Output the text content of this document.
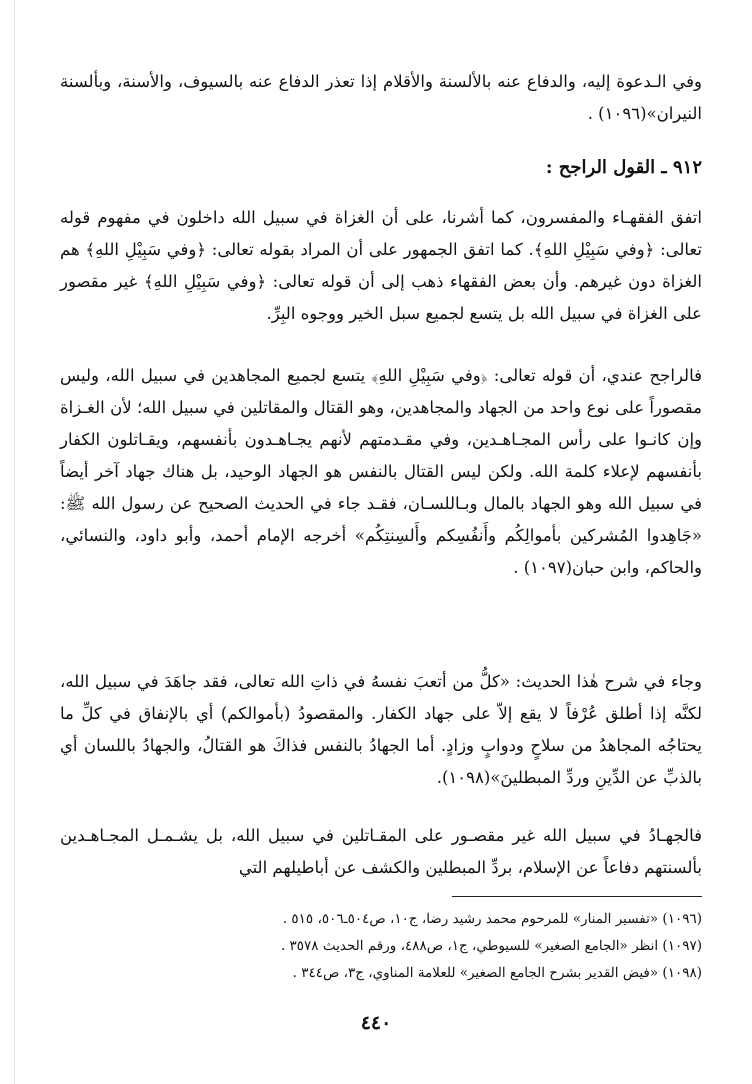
وفي الـدعوة إليه، والدفاع عنه بالألسنة والأقلام إذا تعذر الدفاع عنه بالسيوف، والأسنة، وبألسنة النيران»(١٠٩٦) .

٩١٢ ـ القول الراجح :

اتفق الفقهـاء والمفسرون، كما أشرنا، على أن الغزاة في سبيل الله داخلون في مفهوم قوله تعالى: ﴿وفي سَبِيْلِ اللهِ﴾. كما اتفق الجمهور على أن المراد بقوله تعالى: ﴿وفي سَبِيْلِ اللهِ﴾ هم الغزاة دون غيرهم. وأن بعض الفقهاء ذهب إلى أن قوله تعالى: ﴿وفي سَبِيْلِ اللهِ﴾ غير مقصور على الغزاة في سبيل الله بل يتسع لجميع سبل الخير ووجوه البِرِّ.

فالراجح عندي، أن قوله تعالى: ﴿وفي سَبِيْلِ اللهِ﴾ يتسع لجميع المجاهدين في سبيل الله، وليس مقصوراً على نوع واحد من الجهاد والمجاهدين، وهو القتال والمقاتلين في سبيل الله؛ لأن الغـزاة وإن كانـوا على رأس المجـاهـدين، وفي مقـدمتهم لأنهم يجـاهـدون بأنفسهم، ويقـاتلون الكفار بأنفسهم لإعلاء كلمة الله. ولكن ليس القتال بالنفس هو الجهاد الوحيد، بل هناك جهاد آخر أيضاً في سبيل الله وهو الجهاد بالمال وبـاللسـان، فقـد جاء في الحديث الصحيح عن رسول الله ﷺ: «جَاهِدوا المُشركين بأموالِكُم وأَنفُسِكم وأَلسِنتِكُم» أخرجه الإمام أحمد، وأبو داود، والنسائي، والحاكم، وابن حبان(١٠٩٧) .

وجاء في شرح هٰذا الحديث: «كلُّ من أتعبَ نفسهُ في ذاتِ الله تعالى، فقد جاهَدَ في سبيل الله، لكنَّه إذا أطلق عُرْفاً لا يقع إلاّ على جهاد الكفار. والمقصودُ (بأموالكم) أي بالإنفاق في كلِّ ما يحتاجُه المجاهدُ من سلاحٍ ودوابٍ وزادٍ. أما الجهادُ بالنفس فذاكَ هو القتالُ، والجهادُ باللسان أي بالذبِّ عن الدِّينِ وردِّ المبطلينَ»(١٠٩٨).

فالجهـادُ في سبيل الله غير مقصـور على المقـاتلين في سبيل الله، بل يشـمـل المجـاهـدين بألسنتهم دفاعاً عن الإسلام، بردِّ المبطلين والكشف عن أباطيلهم التي

(١٠٩٦) «تفسير المنار» للمرحوم محمد رشيد رضا، ج١٠، ص٥٠٤ـ٥٠٦، ٥١٥ .
(١٠٩٧) انظر «الجامع الصغير» للسيوطي، ج١، ص٤٨٨، ورقم الحديث ٣٥٧٨ .
(١٠٩٨) «فيض القدير بشرح الجامع الصغير» للعلامة المناوي، ج٣، ص٣٤٤ .
٤٤٠
